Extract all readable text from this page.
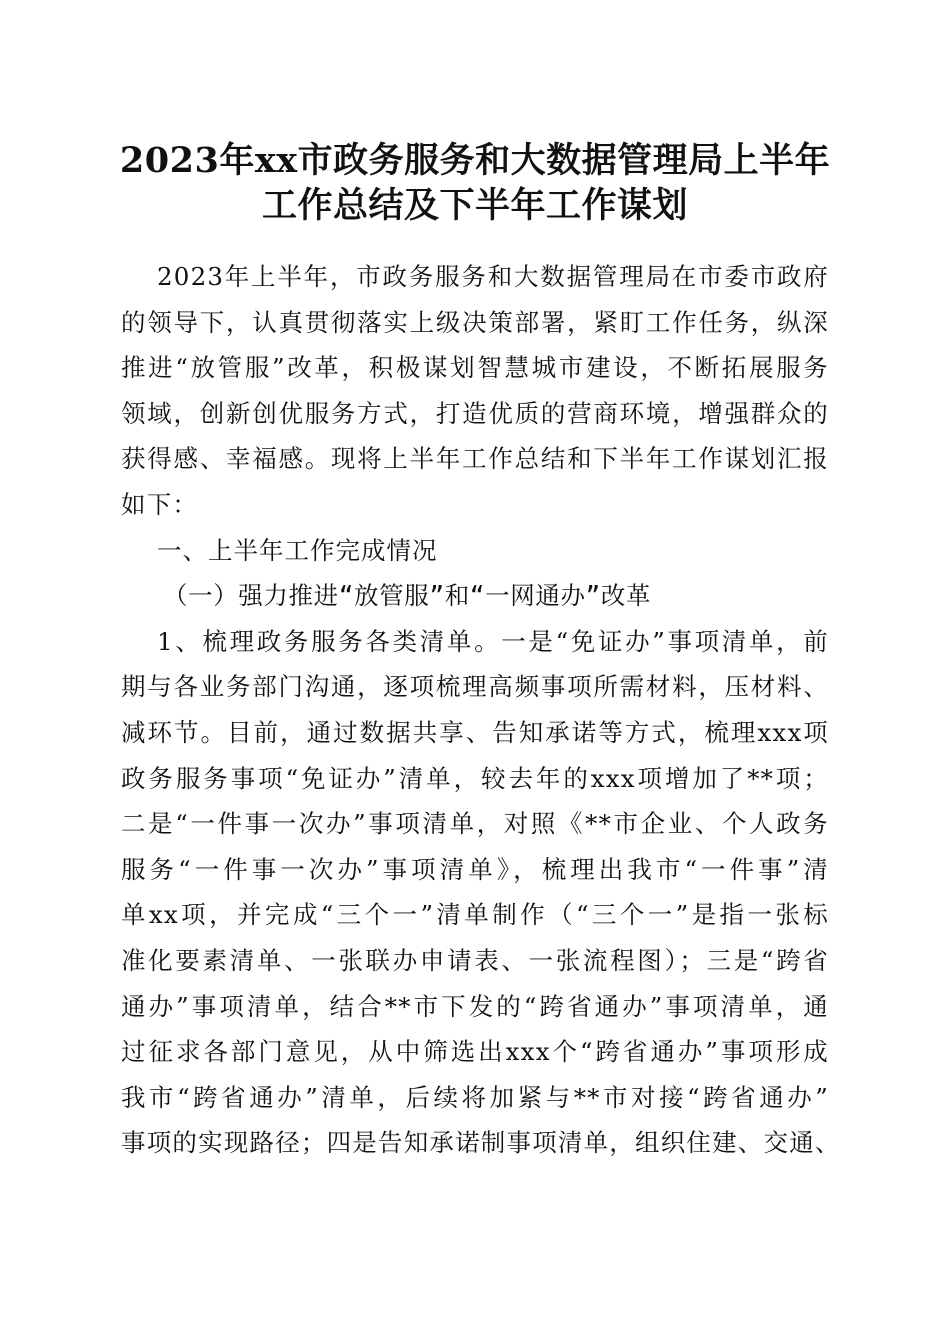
2023年xx市政务服务和大数据管理局上半年
工作总结及下半年工作谋划
2023年上半年，市政务服务和大数据管理局在市委市政府
的领导下，认真贯彻落实上级决策部署，紧盯工作任务，纵深
推进“放管服”改革，积极谋划智慧城市建设，不断拓展服务
领域，创新创优服务方式，打造优质的营商环境，增强群众的
获得感、幸福感。现将上半年工作总结和下半年工作谋划汇报
如下：
一、上半年工作完成情况
（一）强力推进“放管服”和“一网通办”改革
1、梳理政务服务各类清单。一是“免证办”事项清单，前
期与各业务部门沟通，逐项梳理高频事项所需材料，压材料、
减环节。目前，通过数据共享、告知承诺等方式，梳理xxx项
政务服务事项“免证办”清单，较去年的xxx项增加了**项；
二是“一件事一次办”事项清单，对照《**市企业、个人政务
服务“一件事一次办”事项清单》，梳理出我市“一件事”清
单xx项，并完成“三个一”清单制作（“三个一”是指一张标
准化要素清单、一张联办申请表、一张流程图）；三是“跨省
通办”事项清单，结合**市下发的“跨省通办”事项清单，通
过征求各部门意见，从中筛选出xxx个“跨省通办”事项形成
我市“跨省通办”清单，后续将加紧与**市对接“跨省通办”
事项的实现路径；四是告知承诺制事项清单，组织住建、交通、
